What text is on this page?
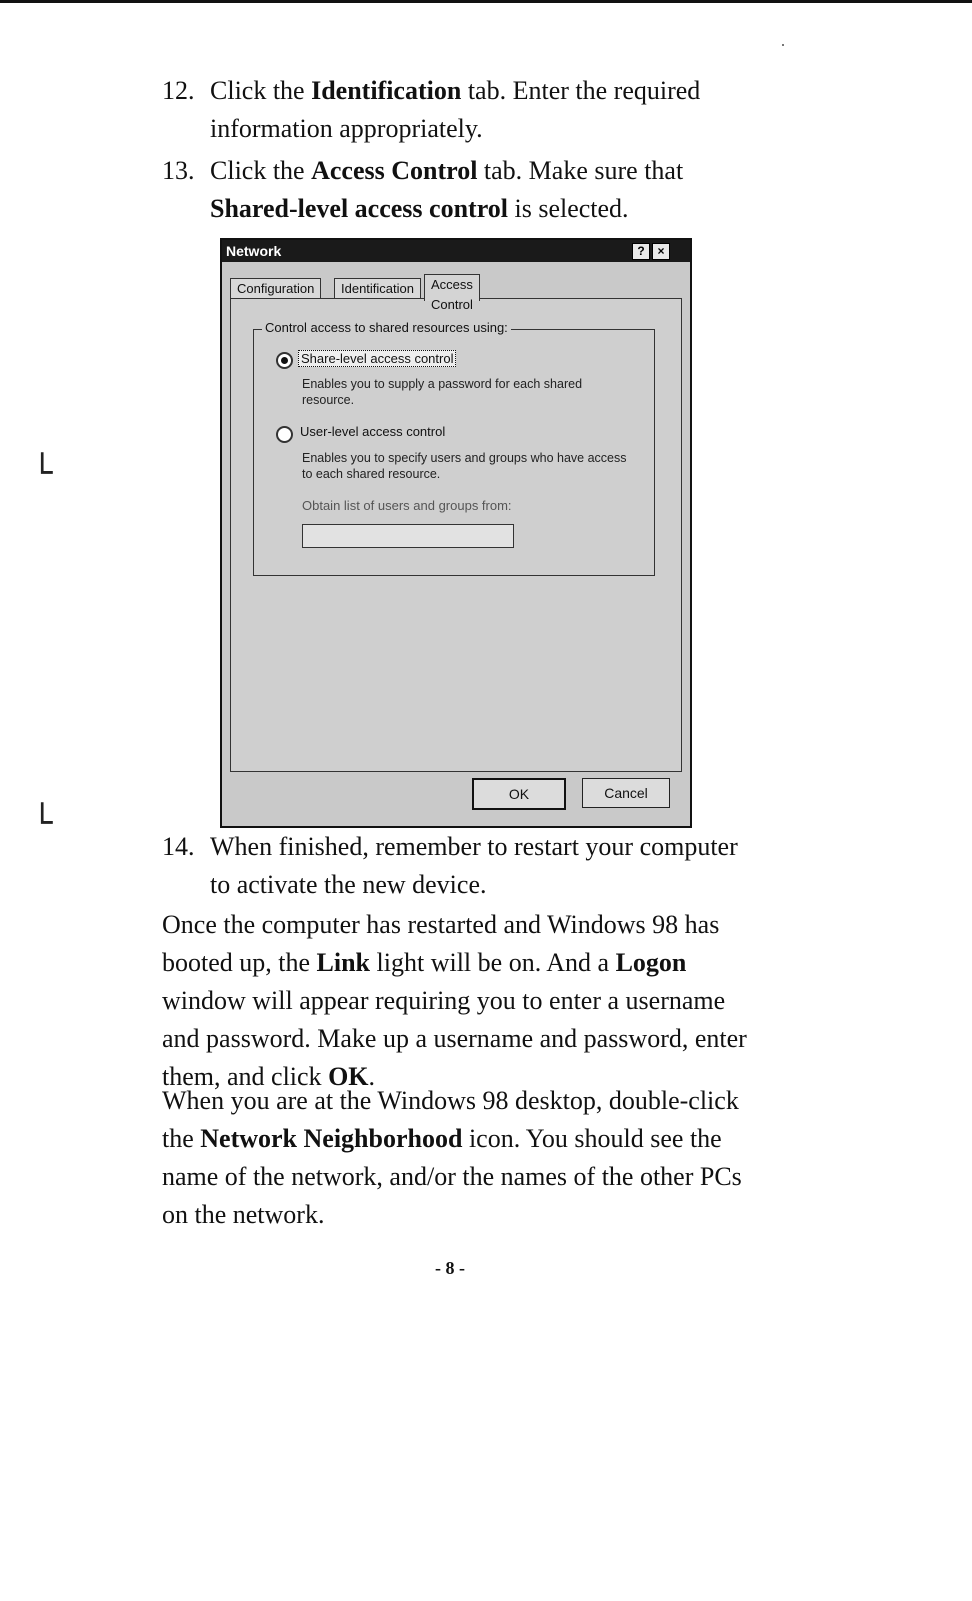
└
└
12. Click the Identification tab. Enter the required information appropriately.
13. Click the Access Control tab. Make sure that Shared-level access control is selected.
Network	?	×
Configuration	Identification	Access Control
Control access to shared resources using:
Share-level access control
Enables you to supply a password for each shared resource.
User-level access control
Enables you to specify users and groups who have access to each shared resource.
Obtain list of users and groups from:
OK	Cancel
14. When finished, remember to restart your computer to activate the new device.
Once the computer has restarted and Windows 98 has booted up, the Link light will be on. And a Logon window will appear requiring you to enter a username and password. Make up a username and password, enter them, and click OK.
When you are at the Windows 98 desktop, double-click the Network Neighborhood icon. You should see the name of the network, and/or the names of the other PCs on the network.
- 8 -
